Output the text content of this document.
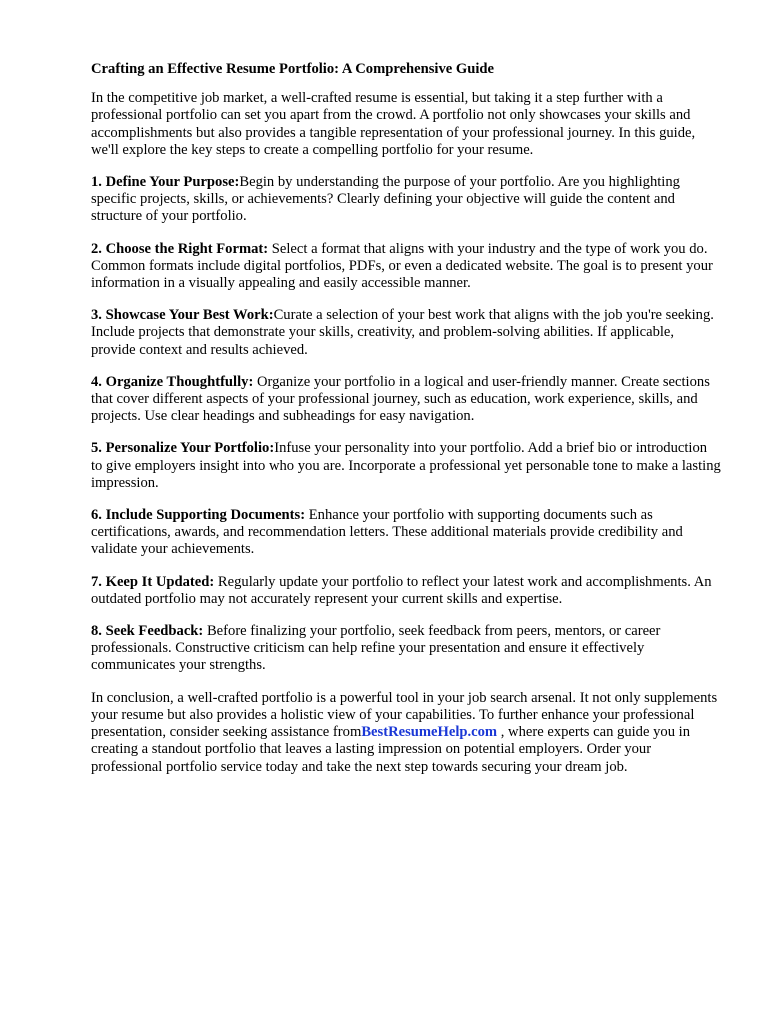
Crafting an Effective Resume Portfolio: A Comprehensive Guide

In the competitive job market, a well-crafted resume is essential, but taking it a step further with a professional portfolio can set you apart from the crowd. A portfolio not only showcases your skills and accomplishments but also provides a tangible representation of your professional journey. In this guide, we'll explore the key steps to create a compelling portfolio for your resume.

1. Define Your Purpose:Begin by understanding the purpose of your portfolio. Are you highlighting specific projects, skills, or achievements? Clearly defining your objective will guide the content and structure of your portfolio.

2. Choose the Right Format: Select a format that aligns with your industry and the type of work you do. Common formats include digital portfolios, PDFs, or even a dedicated website. The goal is to present your information in a visually appealing and easily accessible manner.

3. Showcase Your Best Work:Curate a selection of your best work that aligns with the job you're seeking. Include projects that demonstrate your skills, creativity, and problem-solving abilities. If applicable, provide context and results achieved.

4. Organize Thoughtfully: Organize your portfolio in a logical and user-friendly manner. Create sections that cover different aspects of your professional journey, such as education, work experience, skills, and projects. Use clear headings and subheadings for easy navigation.

5. Personalize Your Portfolio:Infuse your personality into your portfolio. Add a brief bio or introduction to give employers insight into who you are. Incorporate a professional yet personable tone to make a lasting impression.

6. Include Supporting Documents: Enhance your portfolio with supporting documents such as certifications, awards, and recommendation letters. These additional materials provide credibility and validate your achievements.

7. Keep It Updated: Regularly update your portfolio to reflect your latest work and accomplishments. An outdated portfolio may not accurately represent your current skills and expertise.

8. Seek Feedback: Before finalizing your portfolio, seek feedback from peers, mentors, or career professionals. Constructive criticism can help refine your presentation and ensure it effectively communicates your strengths.

In conclusion, a well-crafted portfolio is a powerful tool in your job search arsenal. It not only supplements your resume but also provides a holistic view of your capabilities. To further enhance your professional presentation, consider seeking assistance fromBestResumeHelp.com , where experts can guide you in creating a standout portfolio that leaves a lasting impression on potential employers. Order your professional portfolio service today and take the next step towards securing your dream job.
